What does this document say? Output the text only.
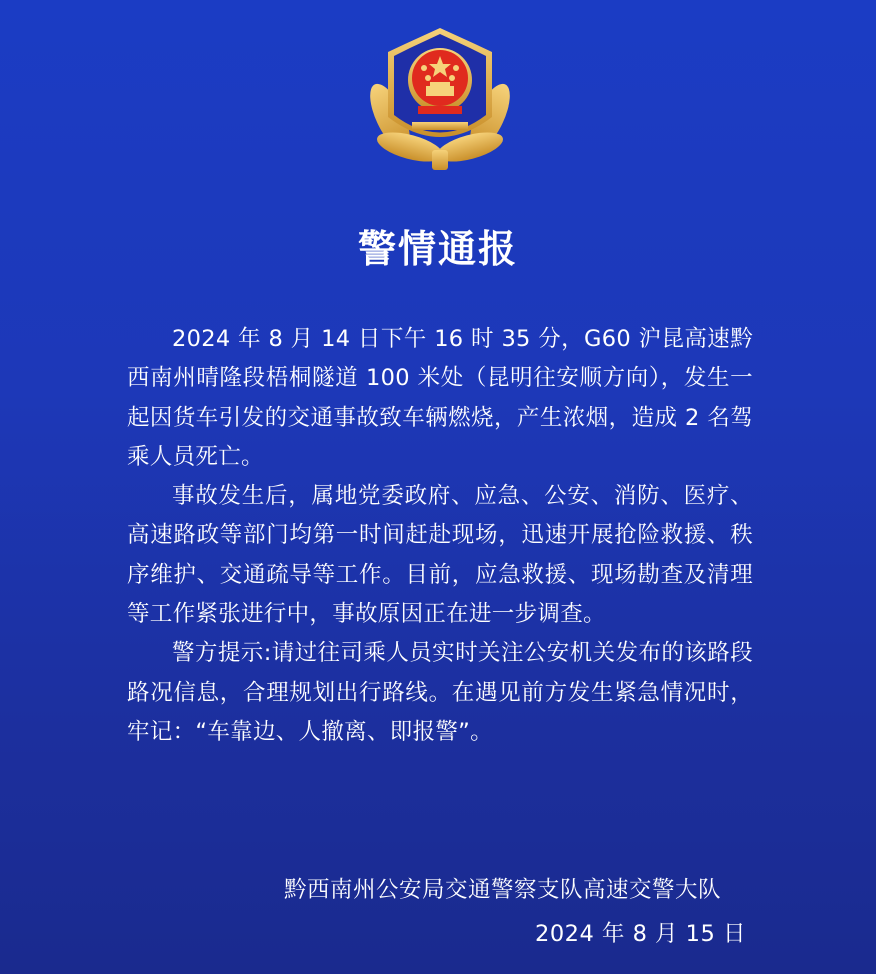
警情通报

2024 年 8 月 14 日下午 16 时 35 分，G60 沪昆高速黔西南州晴隆段梧桐隧道 100 米处（昆明往安顺方向），发生一起因货车引发的交通事故致车辆燃烧，产生浓烟，造成 2 名驾乘人员死亡。

事故发生后，属地党委政府、应急、公安、消防、医疗、高速路政等部门均第一时间赶赴现场，迅速开展抢险救援、秩序维护、交通疏导等工作。目前，应急救援、现场勘查及清理等工作紧张进行中，事故原因正在进一步调查。

警方提示:请过往司乘人员实时关注公安机关发布的该路段路况信息，合理规划出行路线。在遇见前方发生紧急情况时，牢记：“车靠边、人撤离、即报警”。

黔西南州公安局交通警察支队高速交警大队
2024 年 8 月 15 日
